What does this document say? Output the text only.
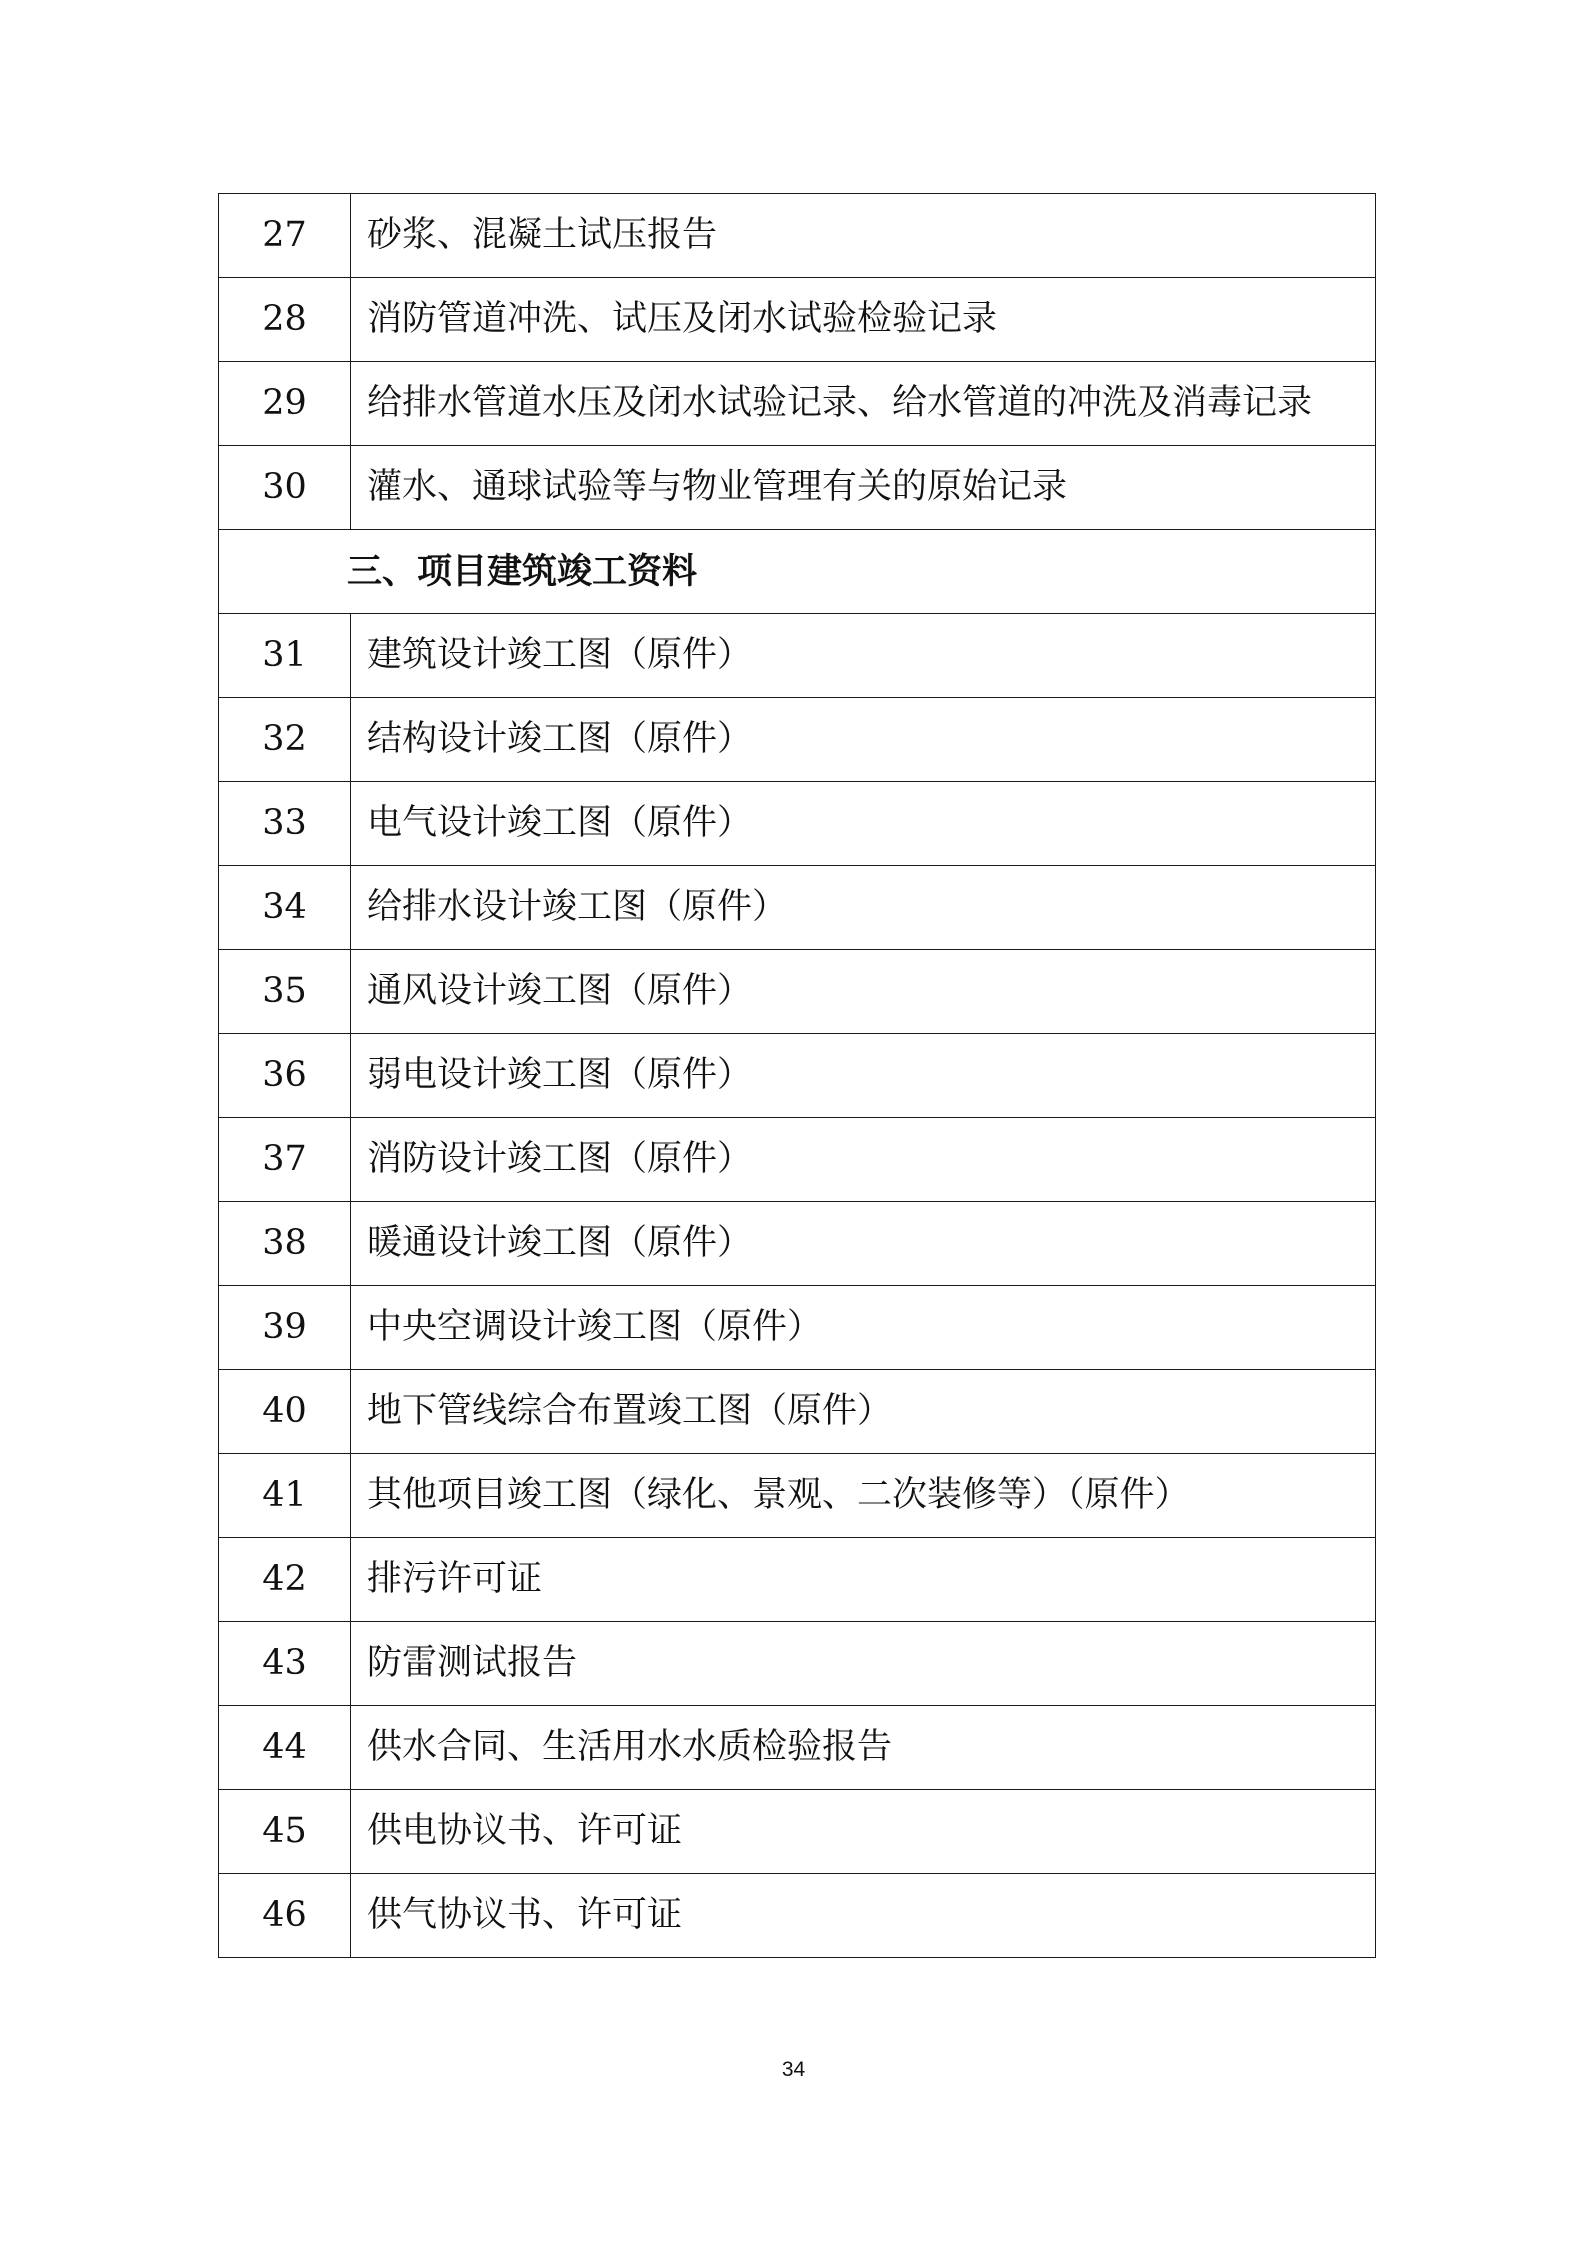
27	砂浆、混凝土试压报告
28	消防管道冲洗、试压及闭水试验检验记录
29	给排水管道水压及闭水试验记录、给水管道的冲洗及消毒记录
30	灌水、通球试验等与物业管理有关的原始记录
三、项目建筑竣工资料	
31	建筑设计竣工图（原件）
32	结构设计竣工图（原件）
33	电气设计竣工图（原件）
34	给排水设计竣工图（原件）
35	通风设计竣工图（原件）
36	弱电设计竣工图（原件）
37	消防设计竣工图（原件）
38	暖通设计竣工图（原件）
39	中央空调设计竣工图（原件）
40	地下管线综合布置竣工图（原件）
41	其他项目竣工图（绿化、景观、二次装修等）（原件）
42	排污许可证
43	防雷测试报告
44	供水合同、生活用水水质检验报告
45	供电协议书、许可证
46	供气协议书、许可证
34
